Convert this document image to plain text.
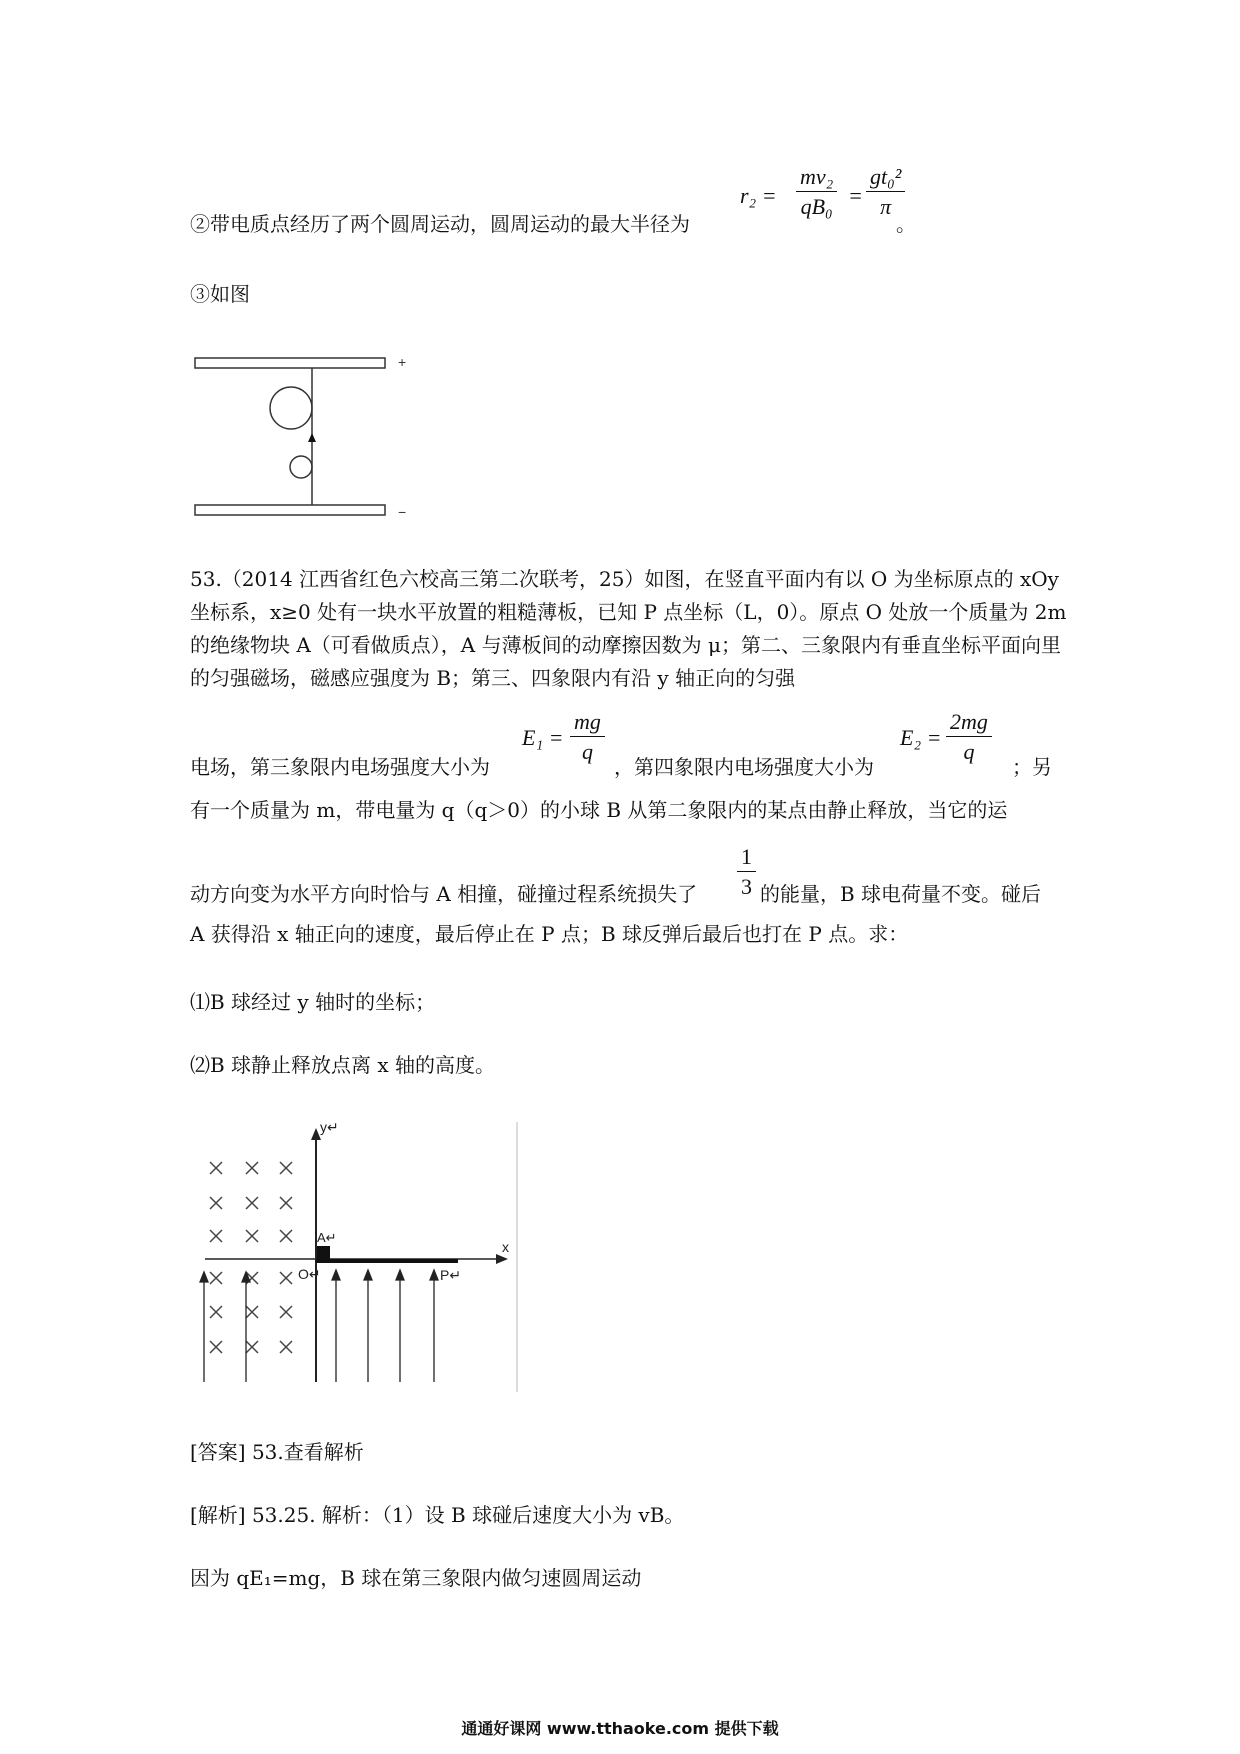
②带电质点经历了两个圆周运动，圆周运动的最大半径为
$r_2 = \frac{\text{mv₂}}{\text{qB₀}} = \frac{\text{gt₀²}}{\pi}$
。
③如图
+
−
53.（2014 江西省红色六校高三第二次联考，25）如图，在竖直平面内有以 O 为坐标原点的 xOy 坐标系，x≥0 处有一块水平放置的粗糙薄板，已知 P 点坐标（L，0）。原点 O 处放一个质量为 2m 的绝缘物块 A（可看做质点），A 与薄板间的动摩擦因数为 μ；第二、三象限内有垂直坐标平面向里的匀强磁场，磁感应强度为 B；第三、四象限内有沿 y 轴正向的匀强
电场，第三象限内电场强度大小为
$E_1 = \frac{mg}{q}$
，第四象限内电场强度大小为
$E_2 = \frac{2mg}{q}$
；另
有一个质量为 m，带电量为 q（q＞0）的小球 B 从第二象限内的某点由静止释放，当它的运
动方向变为水平方向时恰与 A 相撞，碰撞过程系统损失了 $\frac{1}{3}$ 的能量，B 球电荷量不变。碰后
A 获得沿 x 轴正向的速度，最后停止在 P 点；B 球反弹后最后也打在 P 点。求：
⑴B 球经过 y 轴时的坐标；
⑵B 球静止释放点离 x 轴的高度。
y↵
x
A↵
O↵	P↵
[答案] 53.查看解析
[解析] 53.25. 解析：（1）设 B 球碰后速度大小为 vB。
因为 qE₁=mg，B 球在第三象限内做匀速圆周运动
通通好课网 www.tthaoke.com 提供下载
